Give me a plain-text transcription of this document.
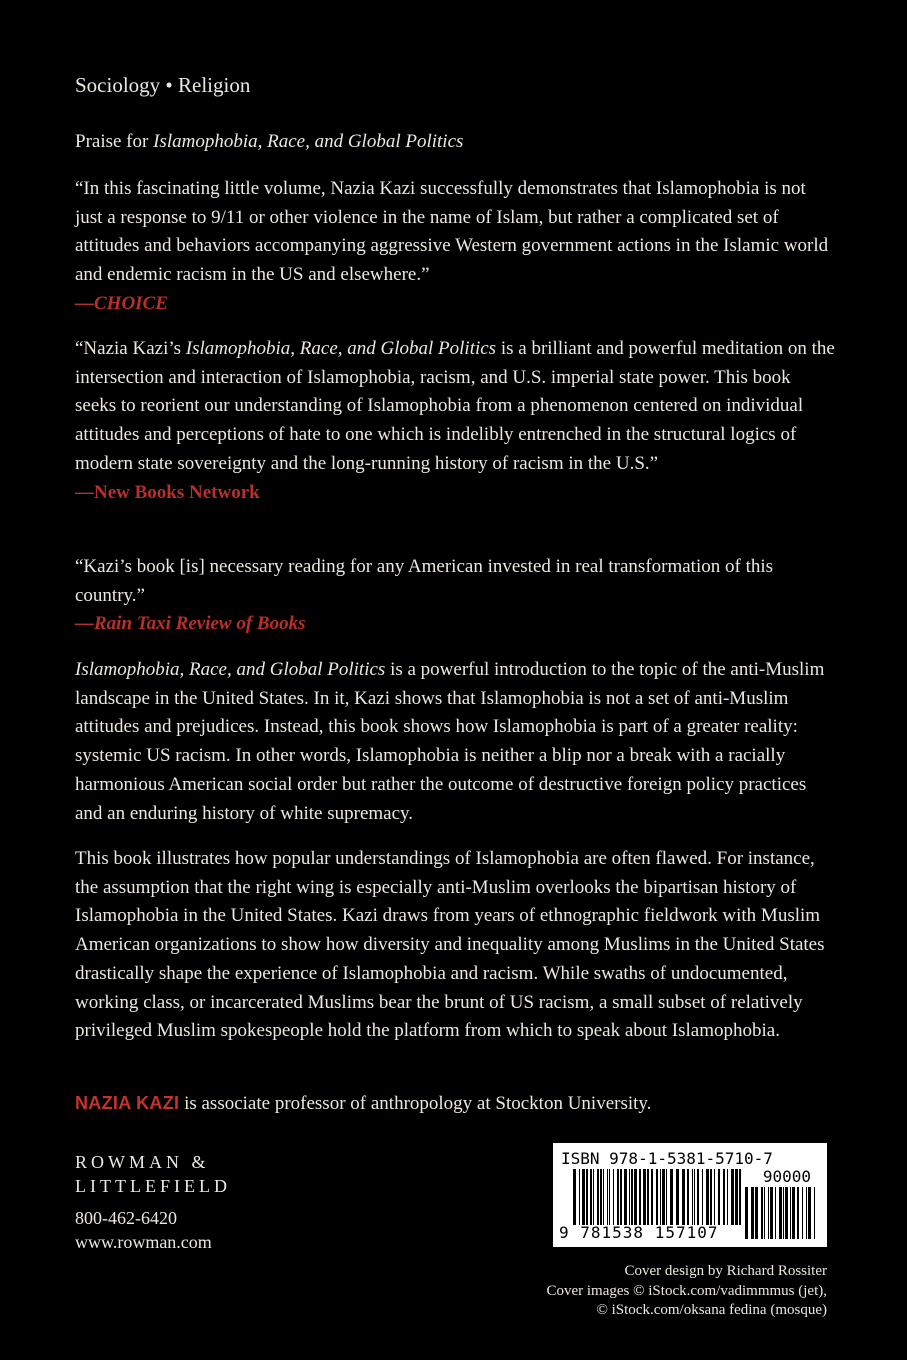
Sociology • Religion
Praise for Islamophobia, Race, and Global Politics

“In this fascinating little volume, Nazia Kazi successfully demonstrates that Islamophobia is not just a response to 9/11 or other violence in the name of Islam, but rather a complicated set of attitudes and behaviors accompanying aggressive Western government actions in the Islamic world and endemic racism in the US and elsewhere.”
—CHOICE

“Nazia Kazi’s Islamophobia, Race, and Global Politics is a brilliant and powerful meditation on the intersection and interaction of Islamophobia, racism, and U.S. imperial state power. This book seeks to reorient our understanding of Islamophobia from a phenomenon centered on individual attitudes and perceptions of hate to one which is indelibly entrenched in the structural logics of modern state sovereignty and the long-running history of racism in the U.S.”
—New Books Network

“Kazi’s book [is] necessary reading for any American invested in real transformation of this country.”
—Rain Taxi Review of Books

Islamophobia, Race, and Global Politics is a powerful introduction to the topic of the anti-Muslim landscape in the United States. In it, Kazi shows that Islamophobia is not a set of anti-Muslim attitudes and prejudices. Instead, this book shows how Islamophobia is part of a greater reality: systemic US racism. In other words, Islamophobia is neither a blip nor a break with a racially harmonious American social order but rather the outcome of destructive foreign policy practices and an enduring history of white supremacy.

This book illustrates how popular understandings of Islamophobia are often flawed. For instance, the assumption that the right wing is especially anti-Muslim overlooks the bipartisan history of Islamophobia in the United States. Kazi draws from years of ethnographic fieldwork with Muslim American organizations to show how diversity and inequality among Muslims in the United States drastically shape the experience of Islamophobia and racism. While swaths of undocumented, working class, or incarcerated Muslims bear the brunt of US racism, a small subset of relatively privileged Muslim spokespeople hold the platform from which to speak about Islamophobia.

NAZIA KAZI is associate professor of anthropology at Stockton University.
ROWMAN &
LITTLEFIELD
800-462-6420
www.rowman.com
ISBN 978-1-5381-5710-7
90000
9 781538 157107
Cover design by Richard Rossiter
Cover images © iStock.com/vadimmmus (jet),
© iStock.com/oksana fedina (mosque)
